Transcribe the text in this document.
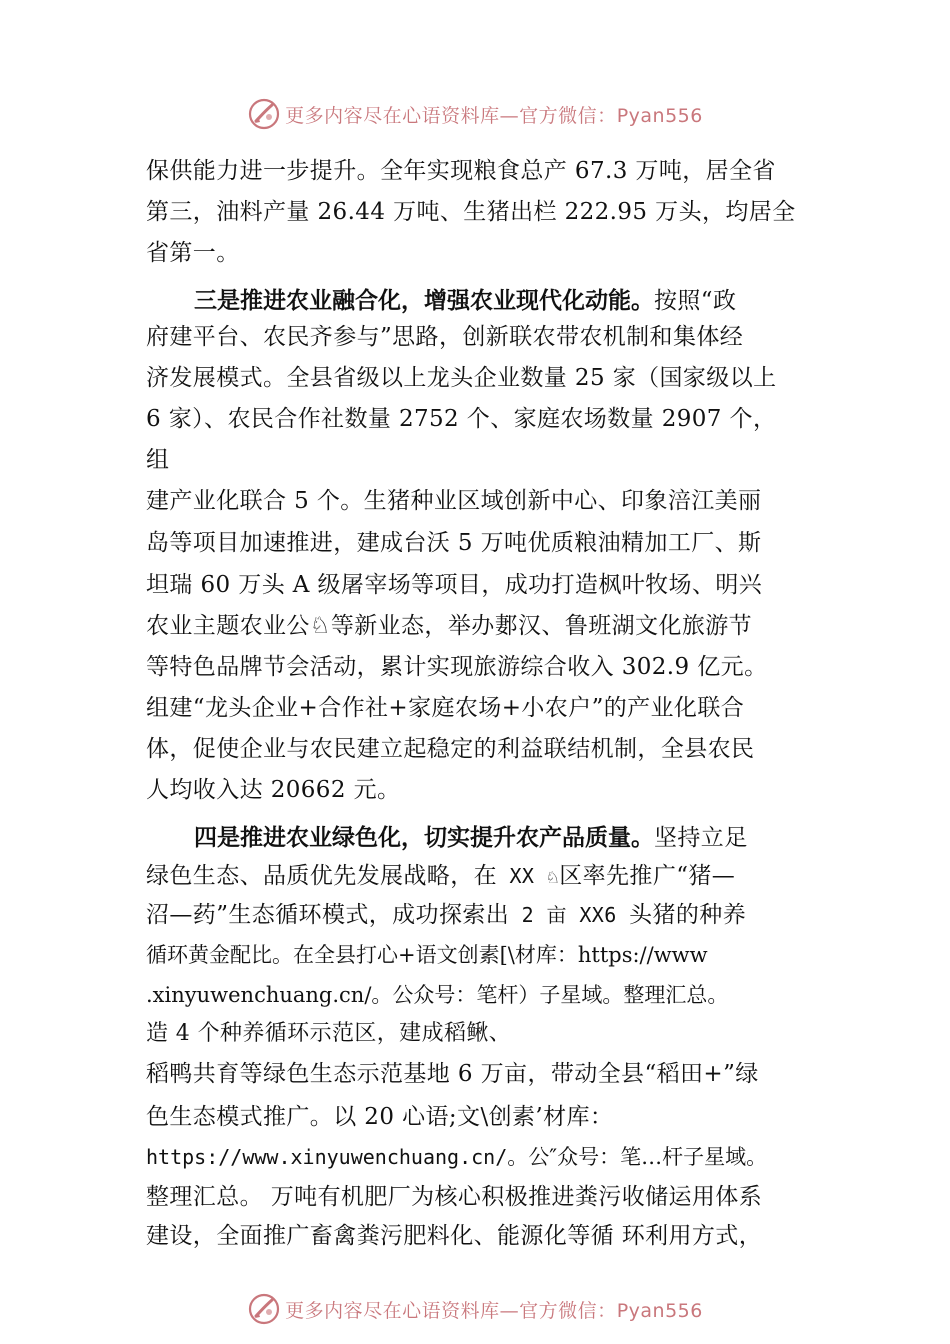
更多内容尽在心语资料库—官方微信：Pyan556
保供能力进一步提升。全年实现粮食总产 67.3 万吨，居全省
第三，油料产量 26.44 万吨、生猪出栏 222.95 万头，均居全
省第一。
三是推进农业融合化，增强农业现代化动能。按照“政
府建平台、农民齐参与”思路，创新联农带农机制和集体经
济发展模式。全县省级以上龙头企业数量 25 家（国家级以上
6 家）、农民合作社数量 2752 个、家庭农场数量 2907 个，
组
建产业化联合 5 个。生猪种业区域创新中心、印象涪江美丽
岛等项目加速推进，建成台沃 5 万吨优质粮油精加工厂、斯
坦瑞 60 万头 A 级屠宰场等项目，成功打造枫叶牧场、明兴
农业主题农业公♘等新业态，举办郪汉、鲁班湖文化旅游节
等特色品牌节会活动，累计实现旅游综合收入 302.9 亿元。
组建“龙头企业+合作社+家庭农场+小农户”的产业化联合
体，促使企业与农民建立起稳定的利益联结机制，全县农民
人均收入达 20662 元。
四是推进农业绿色化，切实提升农产品质量。坚持立足
绿色生态、品质优先发展战略，在 XX ♘区率先推广“猪—
沼—药”生态循环模式，成功探索出 2 亩 XX6 头猪的种养
循环黄金配比。在全县打心+语文创素[\材库：https://www
.xinyuwenchuang.cn/。公众号：笔杆）子星域。整理汇总。
造 4 个种养循环示范区，建成稻鳅、
稻鸭共育等绿色生态示范基地 6 万亩，带动全县“稻田+”绿
色生态模式推广。以 20 心语;文\创素’材库：
https://www.xinyuwenchuang.cn/。公″众号：笔…杆子星域。
整理汇总。 万吨有机肥厂为核心积极推进粪污收储运用体系
建设，全面推广畜禽粪污肥料化、能源化等循 环利用方式，
更多内容尽在心语资料库—官方微信：Pyan556
